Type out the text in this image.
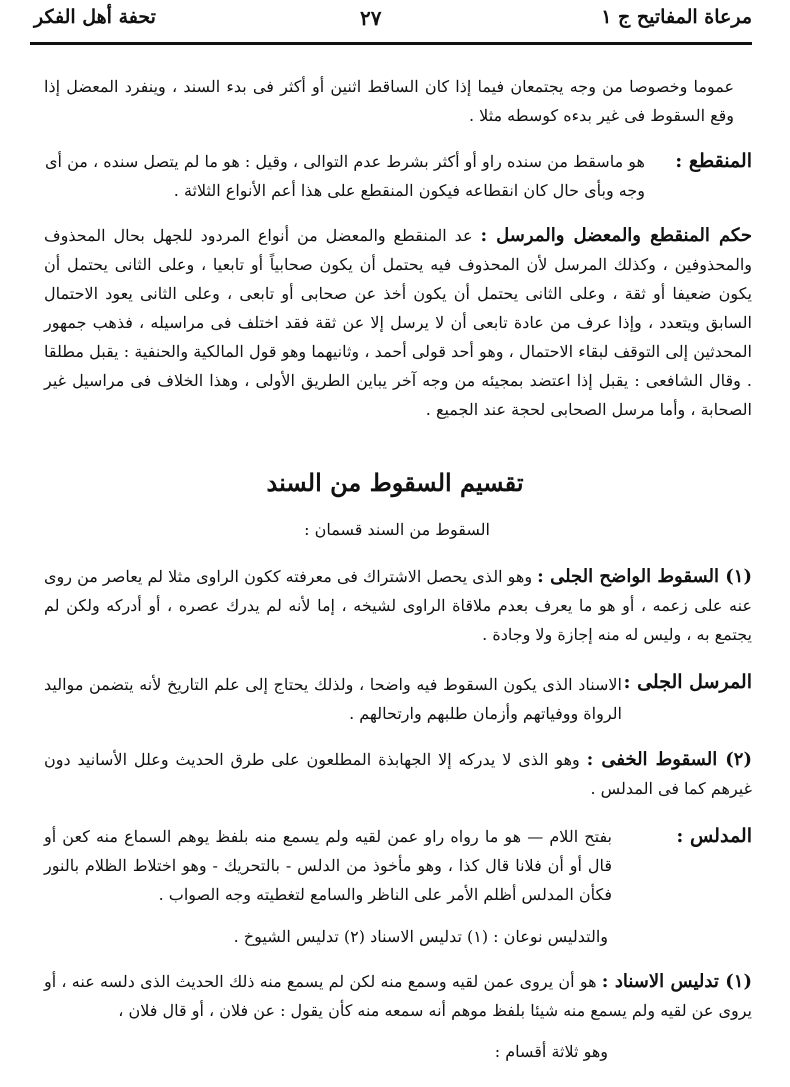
مرعاة المفاتيح ج ١
٢٧
تحفة أهل الفكر
عموما وخصوصا من وجه يجتمعان فيما إذا كان الساقط اثنين أو أكثر فى بدء السند ، وينفرد المعضل إذا وقع السقوط فى غير بدءه كوسطه مثلا .
المنقطع :
هو ماسقط من سنده راو أو أكثر بشرط عدم التوالى ، وقيل : هو ما لم يتصل سنده ، من أى وجه وبأى حال كان انقطاعه فيكون المنقطع على هذا أعم الأنواع الثلاثة .
حكم المنقطع والمعضل والمرسل : عد المنقطع والمعضل من أنواع المردود للجهل بحال المحذوف والمحذوفين ، وكذلك المرسل لأن المحذوف فيه يحتمل أن يكون صحابياً أو تابعيا ، وعلى الثانى يحتمل أن يكون ضعيفا أو ثقة ، وعلى الثانى يحتمل أن يكون أخذ عن صحابى أو تابعى ، وعلى الثانى يعود الاحتمال السابق ويتعدد ، وإذا عرف من عادة تابعى أن لا يرسل إلا عن ثقة فقد اختلف فى مراسيله ، فذهب جمهور المحدثين إلى التوقف لبقاء الاحتمال ، وهو أحد قولى أحمد ، وثانيهما وهو قول المالكية والحنفية : يقبل مطلقا . وقال الشافعى : يقبل إذا اعتضد بمجيئه من وجه آخر يباين الطريق الأولى ، وهذا الخلاف فى مراسيل غير الصحابة ، وأما مرسل الصحابى لحجة عند الجميع .
تقسيم السقوط من السند
السقوط من السند قسمان :
(١) السقوط الواضح الجلى : وهو الذى يحصل الاشتراك فى معرفته ككون الراوى مثلا لم يعاصر من روى عنه على زعمه ، أو هو ما يعرف بعدم ملاقاة الراوى لشيخه ، إما لأنه لم يدرك عصره ، أو أدركه ولكن لم يجتمع به ، وليس له منه إجازة ولا وجادة .
المرسل الجلى :
الاسناد الذى يكون السقوط فيه واضحا ، ولذلك يحتاج إلى علم التاريخ لأنه يتضمن مواليد الرواة ووفياتهم وأزمان طلبهم وارتحالهم .
(٢) السقوط الخفى : وهو الذى لا يدركه إلا الجهابذة المطلعون على طرق الحديث وعلل الأسانيد دون غيرهم كما فى المدلس .
المدلس :
بفتح اللام — هو ما رواه راو عمن لقيه ولم يسمع منه بلفظ يوهم السماع منه كعن أو قال أو أن فلانا قال كذا ، وهو مأخوذ من الدلس - بالتحريك - وهو اختلاط الظلام بالنور فكأن المدلس أظلم الأمر على الناظر والسامع لتغطيته وجه الصواب .
والتدليس نوعان : (١) تدليس الاسناد (٢) تدليس الشيوخ .
(١) تدليس الاسناد : هو أن يروى عمن لقيه وسمع منه لكن لم يسمع منه ذلك الحديث الذى دلسه عنه ، أو يروى عن لقيه ولم يسمع منه شيئا بلفظ موهم أنه سمعه منه كأن يقول : عن فلان ، أو قال فلان ،
وهو ثلاثة أقسام :
